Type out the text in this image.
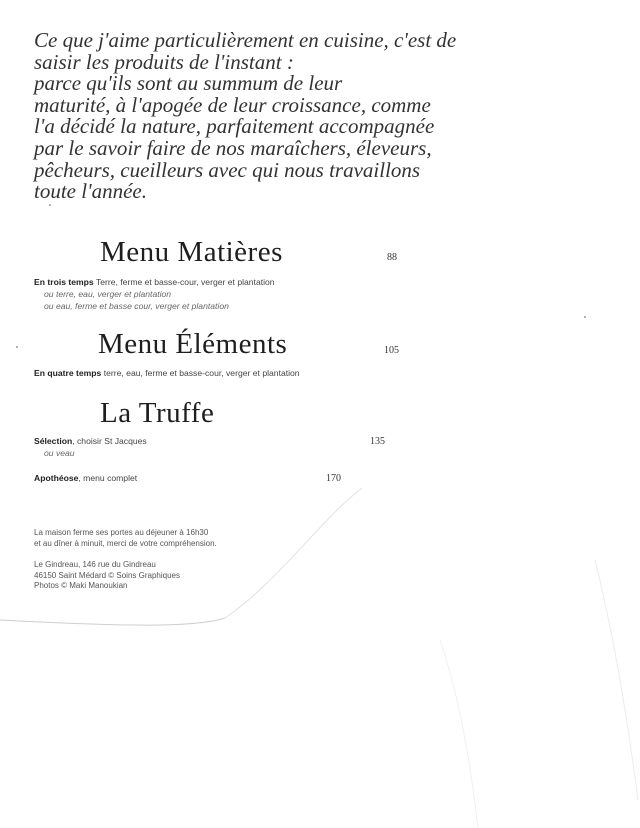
Ce que j'aime particulièrement en cuisine, c'est de
saisir les produits de l'instant :
parce qu'ils sont au summum de leur
maturité, à l'apogée de leur croissance, comme
l'a décidé la nature, parfaitement accompagnée
par le savoir faire de nos maraîchers, éleveurs,
pêcheurs, cueilleurs avec qui nous travaillons
toute l'année.
Menu Matières	88
En trois temps Terre, ferme et basse-cour, verger et plantation
ou terre, eau, verger et plantation
ou eau, ferme et basse cour, verger et plantation
Menu Éléments	105
En quatre temps terre, eau, ferme et basse-cour, verger et plantation
La Truffe
Sélection, choisir St Jacques	135
ou veau
Apothéose, menu complet	170
La maison ferme ses portes au déjeuner à 16h30
et au dîner à minuit, merci de votre compréhension.
Le Gindreau, 146 rue du Gindreau
46150 Saint Médard © Soins Graphiques
Photos © Maki Manoukian
